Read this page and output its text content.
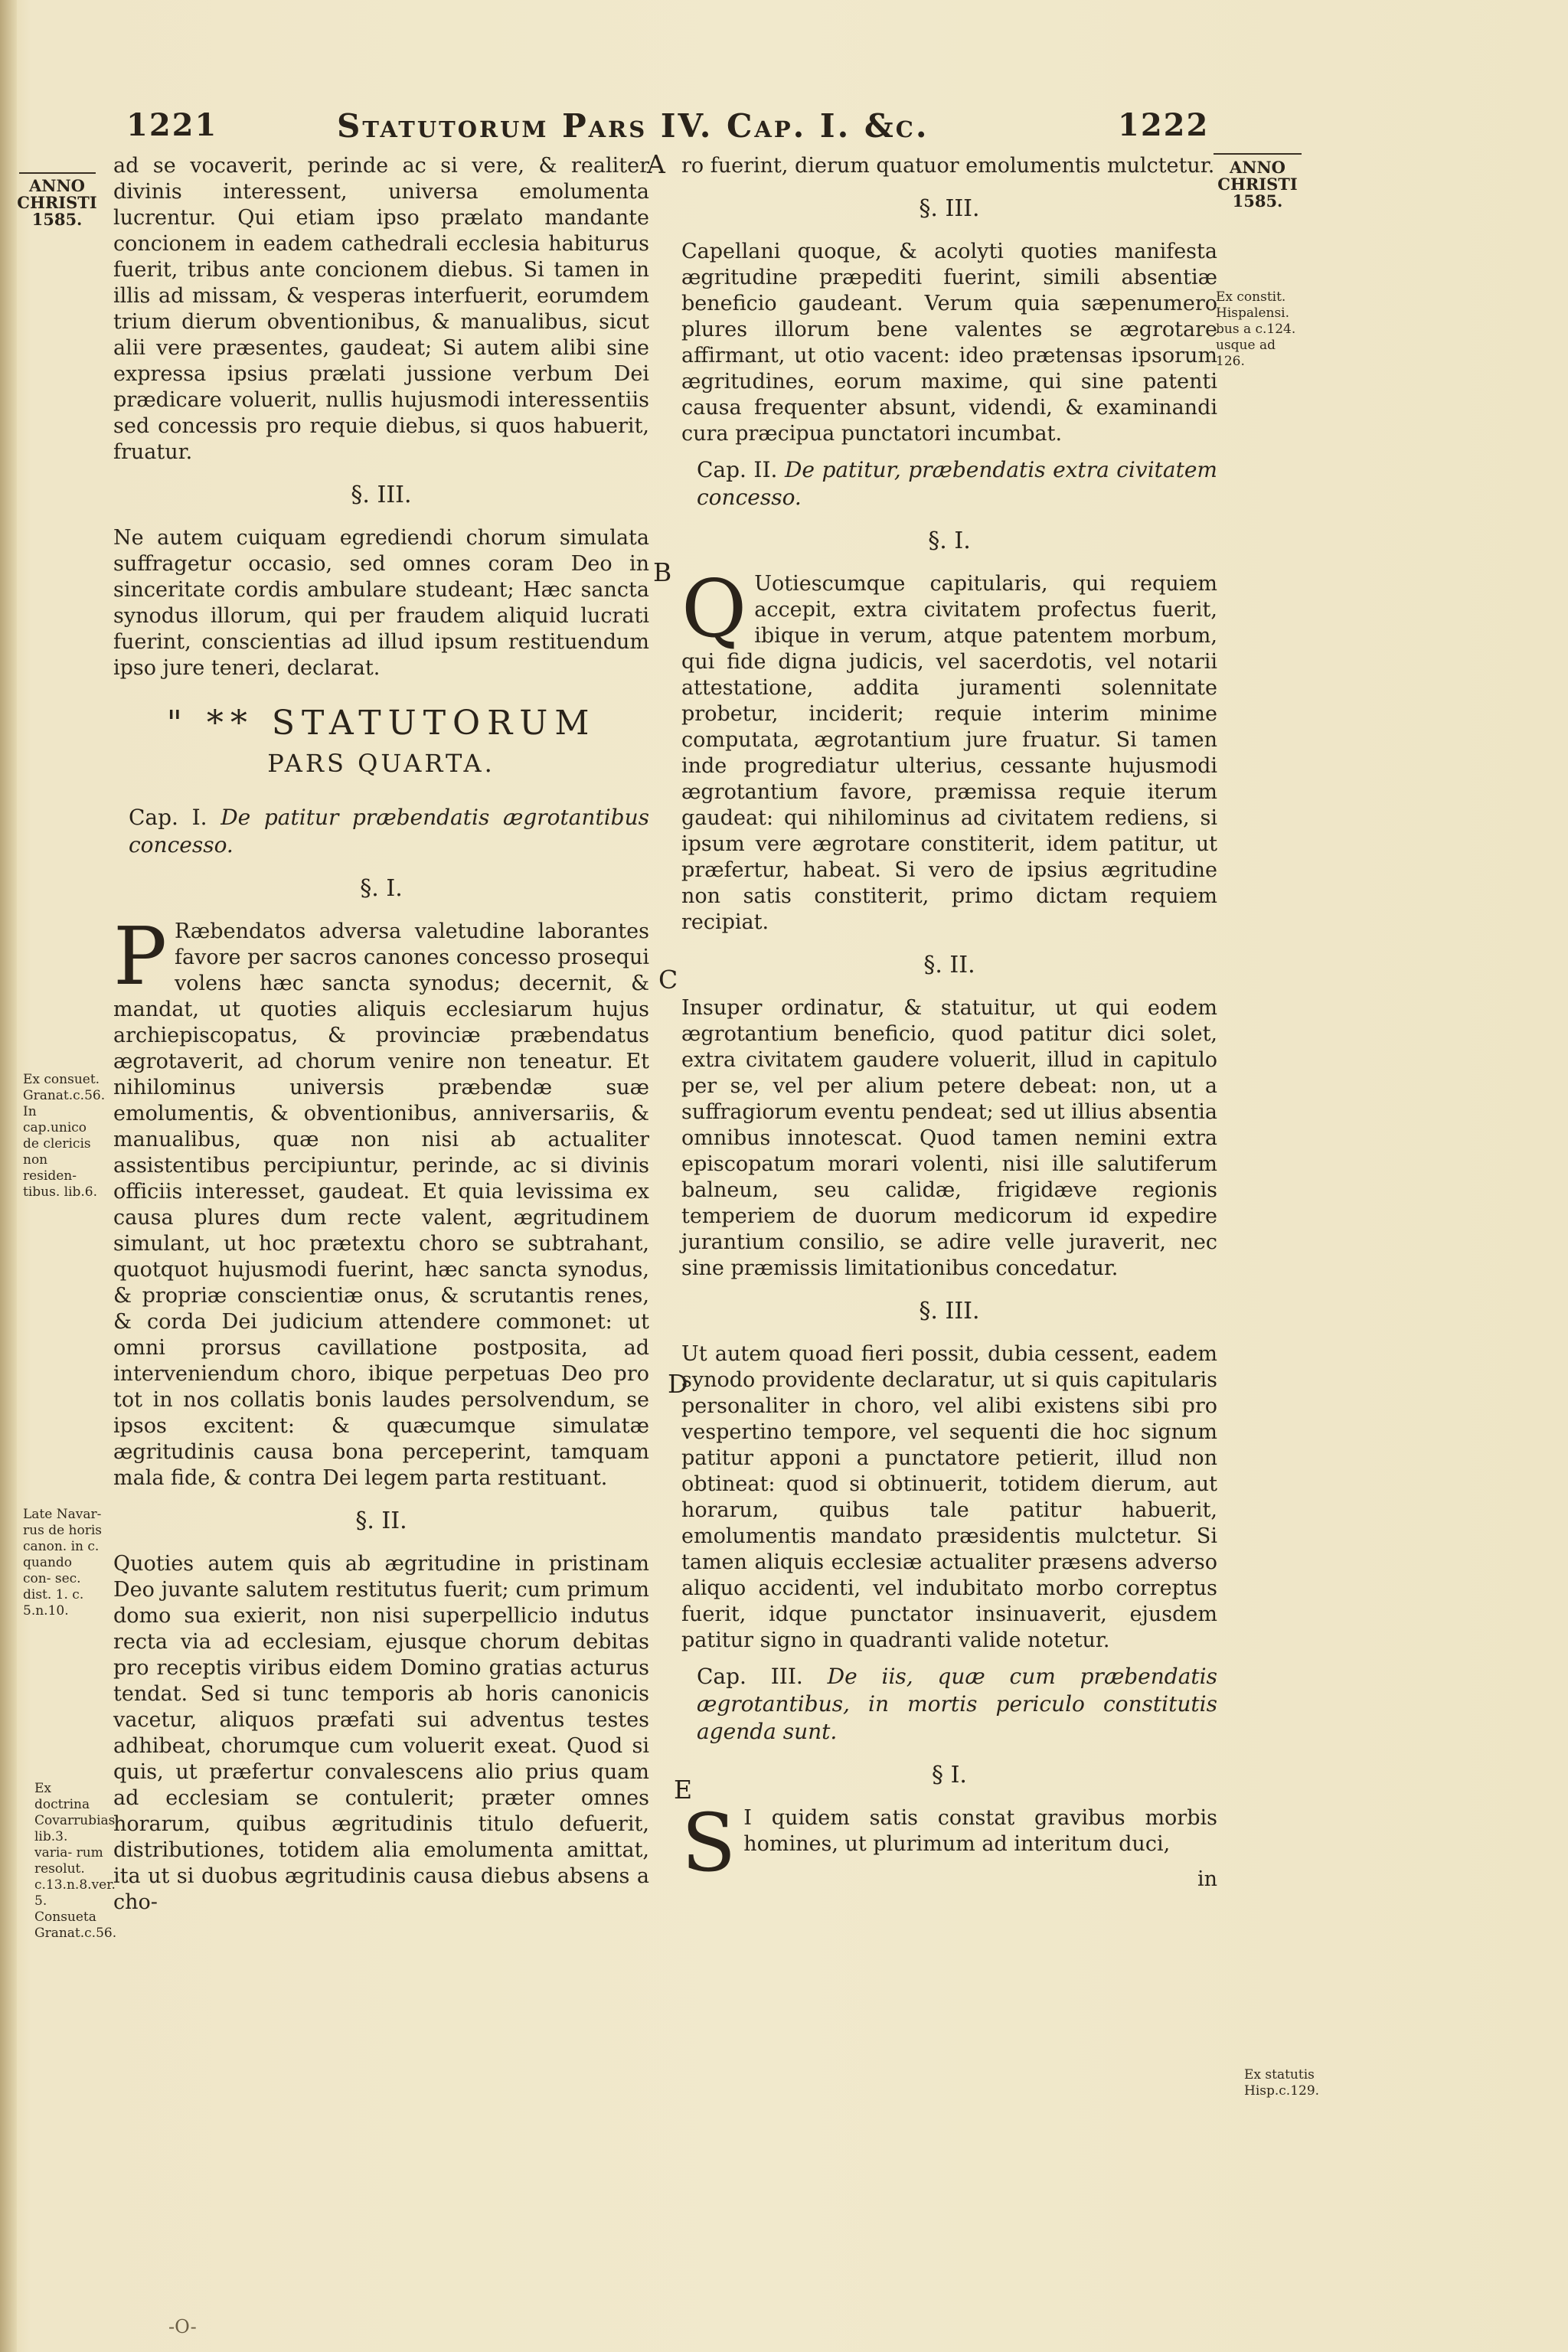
1221	Statutorum Pars IV. Cap. I. &c.	1222
ANNO
CHRISTI
1585.
ANNO
CHRISTI
1585.
A
B
C
D
E
Ex consuet. Granat.c.56. In cap.unico de clericis non residen- tibus. lib.6.
Late Navar- rus de horis canon. in c. quando con- sec. dist. 1. c. 5.n.10.
Ex doctrina Covarrubias lib.3. varia- rum resolut. c.13.n.8.ver. 5. Consueta Granat.c.56.
Ex constit. Hispalensi. bus a c.124. usque ad 126.
Ex statutis Hisp.c.129.

ad se vocaverit, perinde ac si vere, & realiter divinis interessent, universa emolumenta lucrentur. Qui etiam ipso prælato mandante concionem in eadem cathedrali ecclesia habiturus fuerit, tribus ante concionem diebus. Si tamen in illis ad missam, & vesperas interfuerit, eorumdem trium dierum obventionibus, & manualibus, sicut alii vere præsentes, gaudeat; Si autem alibi sine expressa ipsius prælati jussione verbum Dei prædicare voluerit, nullis hujusmodi interessentiis sed concessis pro requie diebus, si quos habuerit, fruatur.

§. III.

Ne autem cuiquam egrediendi chorum simulata suffragetur occasio, sed omnes coram Deo in sinceritate cordis ambulare studeant; Hæc sancta synodus illorum, qui per fraudem aliquid lucrati fuerint, conscientias ad illud ipsum restituendum ipso jure teneri, declarat.

" ** STATUTORUM
PARS QUARTA.
Cap. I. De patitur præbendatis ægrotantibus concesso.
§. I.

P Ræbendatos adversa valetudine laborantes favore per sacros canones concesso prosequi volens hæc sancta synodus; decernit, & mandat, ut quoties aliquis ecclesiarum hujus archiepiscopatus, & provinciæ præbendatus ægrotaverit, ad chorum venire non teneatur. Et nihilominus universis præbendæ suæ emolumentis, & obventionibus, anniversariis, & manualibus, quæ non nisi ab actualiter assistentibus percipiuntur, perinde, ac si divinis officiis interesset, gaudeat. Et quia levissima ex causa plures dum recte valent, ægritudinem simulant, ut hoc prætextu choro se subtrahant, quotquot hujusmodi fuerint, hæc sancta synodus, & propriæ conscientiæ onus, & scrutantis renes, & corda Dei judicium attendere commonet: ut omni prorsus cavillatione postposita, ad interveniendum choro, ibique perpetuas Deo pro tot in nos collatis bonis laudes persolvendum, se ipsos excitent: & quæcumque simulatæ ægritudinis causa bona perceperint, tamquam mala fide, & contra Dei legem parta restituant.

§. II.

Quoties autem quis ab ægritudine in pristinam Deo juvante salutem restitutus fuerit; cum primum domo sua exierit, non nisi superpellicio indutus recta via ad ecclesiam, ejusque chorum debitas pro receptis viribus eidem Domino gratias acturus tendat. Sed si tunc temporis ab horis canonicis vacetur, aliquos præfati sui adventus testes adhibeat, chorumque cum voluerit exeat. Quod si quis, ut præfertur convalescens alio prius quam ad ecclesiam se contulerit; præter omnes horarum, quibus ægritudinis titulo defuerit, distributiones, totidem alia emolumenta amittat, ita ut si duobus ægritudinis causa diebus absens a cho-

ro fuerint, dierum quatuor emolumentis mulctetur.

§. III.

Capellani quoque, & acolyti quoties manifesta ægritudine præpediti fuerint, simili absentiæ beneficio gaudeant. Verum quia sæpenumero plures illorum bene valentes se ægrotare affirmant, ut otio vacent: ideo prætensas ipsorum ægritudines, eorum maxime, qui sine patenti causa frequenter absunt, videndi, & examinandi cura præcipua punctatori incumbat.

Cap. II. De patitur, præbendatis extra civitatem concesso.
§. I.

Q Uotiescumque capitularis, qui requiem accepit, extra civitatem profectus fuerit, ibique in verum, atque patentem morbum, qui fide digna judicis, vel sacerdotis, vel notarii attestatione, addita juramenti solennitate probetur, inciderit; requie interim minime computata, ægrotantium jure fruatur. Si tamen inde progrediatur ulterius, cessante hujusmodi ægrotantium favore, præmissa requie iterum gaudeat: qui nihilominus ad civitatem rediens, si ipsum vere ægrotare constiterit, idem patitur, ut præfertur, habeat. Si vero de ipsius ægritudine non satis constiterit, primo dictam requiem recipiat.

§. II.

Insuper ordinatur, & statuitur, ut qui eodem ægrotantium beneficio, quod patitur dici solet, extra civitatem gaudere voluerit, illud in capitulo per se, vel per alium petere debeat: non, ut a suffragiorum eventu pendeat; sed ut illius absentia omnibus innotescat. Quod tamen nemini extra episcopatum morari volenti, nisi ille salutiferum balneum, seu calidæ, frigidæve regionis temperiem de duorum medicorum id expedire jurantium consilio, se adire velle juraverit, nec sine præmissis limitationibus concedatur.

§. III.

Ut autem quoad fieri possit, dubia cessent, eadem synodo providente declaratur, ut si quis capitularis personaliter in choro, vel alibi existens sibi pro vespertino tempore, vel sequenti die hoc signum patitur apponi a punctatore petierit, illud non obtineat: quod si obtinuerit, totidem dierum, aut horarum, quibus tale patitur habuerit, emolumentis mandato præsidentis mulctetur. Si tamen aliquis ecclesiæ actualiter præsens adverso aliquo accidenti, vel indubitato morbo correptus fuerit, idque punctator insinuaverit, ejusdem patitur signo in quadranti valide notetur.

Cap. III. De iis, quæ cum præbendatis ægrotantibus, in mortis periculo constitutis agenda sunt.
§ I.

S I quidem satis constat gravibus morbis homines, ut plurimum ad interitum duci,

in
-O-
